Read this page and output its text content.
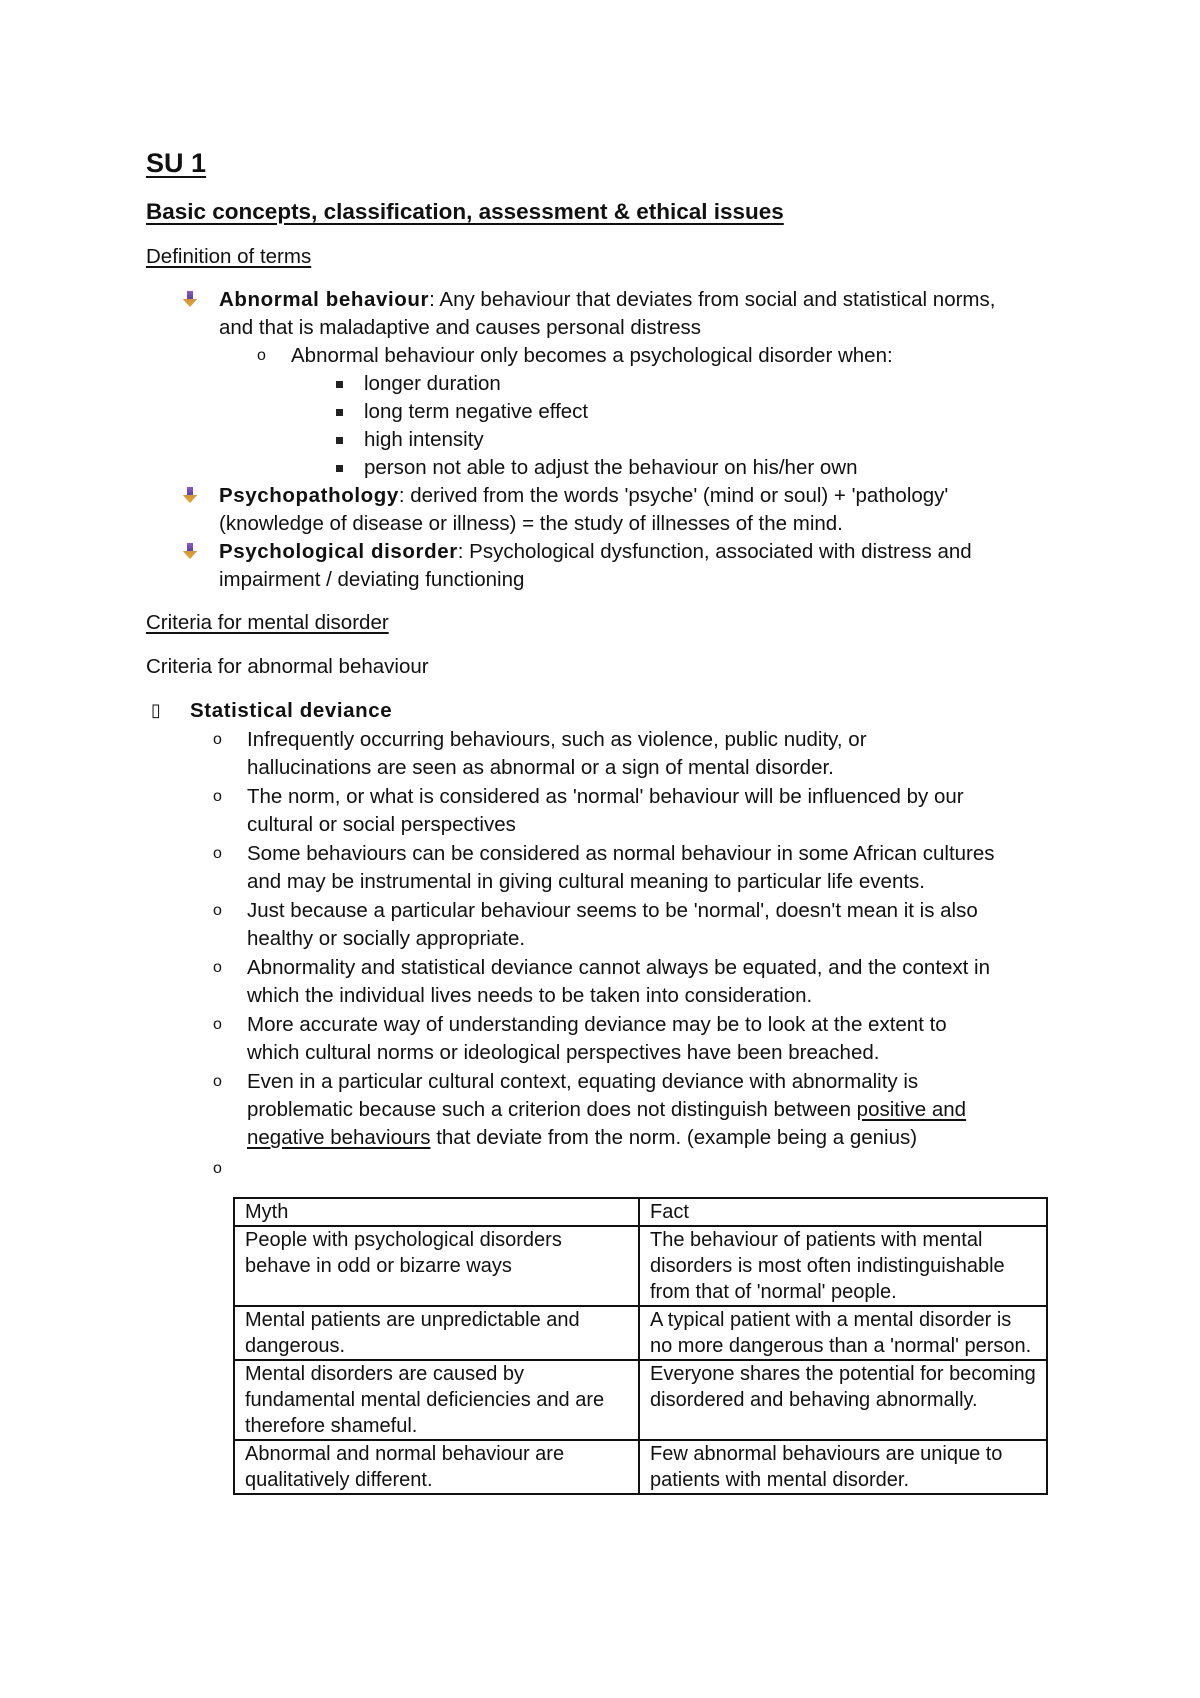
SU 1
Basic concepts, classification, assessment & ethical issues
Definition of terms
Abnormal behaviour: Any behaviour that deviates from social and statistical norms,
and that is maladaptive and causes personal distress
o Abnormal behaviour only becomes a psychological disorder when:
longer duration
long term negative effect
high intensity
person not able to adjust the behaviour on his/her own
Psychopathology: derived from the words 'psyche' (mind or soul) + 'pathology'
(knowledge of disease or illness) = the study of illnesses of the mind.
Psychological disorder: Psychological dysfunction, associated with distress and
impairment / deviating functioning
Criteria for mental disorder
Criteria for abnormal behaviour
▯ Statistical deviance
o Infrequently occurring behaviours, such as violence, public nudity, or
hallucinations are seen as abnormal or a sign of mental disorder.
o The norm, or what is considered as 'normal' behaviour will be influenced by our
cultural or social perspectives
o Some behaviours can be considered as normal behaviour in some African cultures
and may be instrumental in giving cultural meaning to particular life events.
o Just because a particular behaviour seems to be 'normal', doesn't mean it is also
healthy or socially appropriate.
o Abnormality and statistical deviance cannot always be equated, and the context in
which the individual lives needs to be taken into consideration.
o More accurate way of understanding deviance may be to look at the extent to
which cultural norms or ideological perspectives have been breached.
o Even in a particular cultural context, equating deviance with abnormality is
problematic because such a criterion does not distinguish between positive and
negative behaviours that deviate from the norm. (example being a genius)
o
Myth	Fact
People with psychological disorders behave in odd or bizarre ways	The behaviour of patients with mental disorders is most often indistinguishable from that of 'normal' people.
Mental patients are unpredictable and dangerous.	A typical patient with a mental disorder is no more dangerous than a 'normal' person.
Mental disorders are caused by fundamental mental deficiencies and are therefore shameful.	Everyone shares the potential for becoming disordered and behaving abnormally.
Abnormal and normal behaviour are qualitatively different.	Few abnormal behaviours are unique to patients with mental disorder.
